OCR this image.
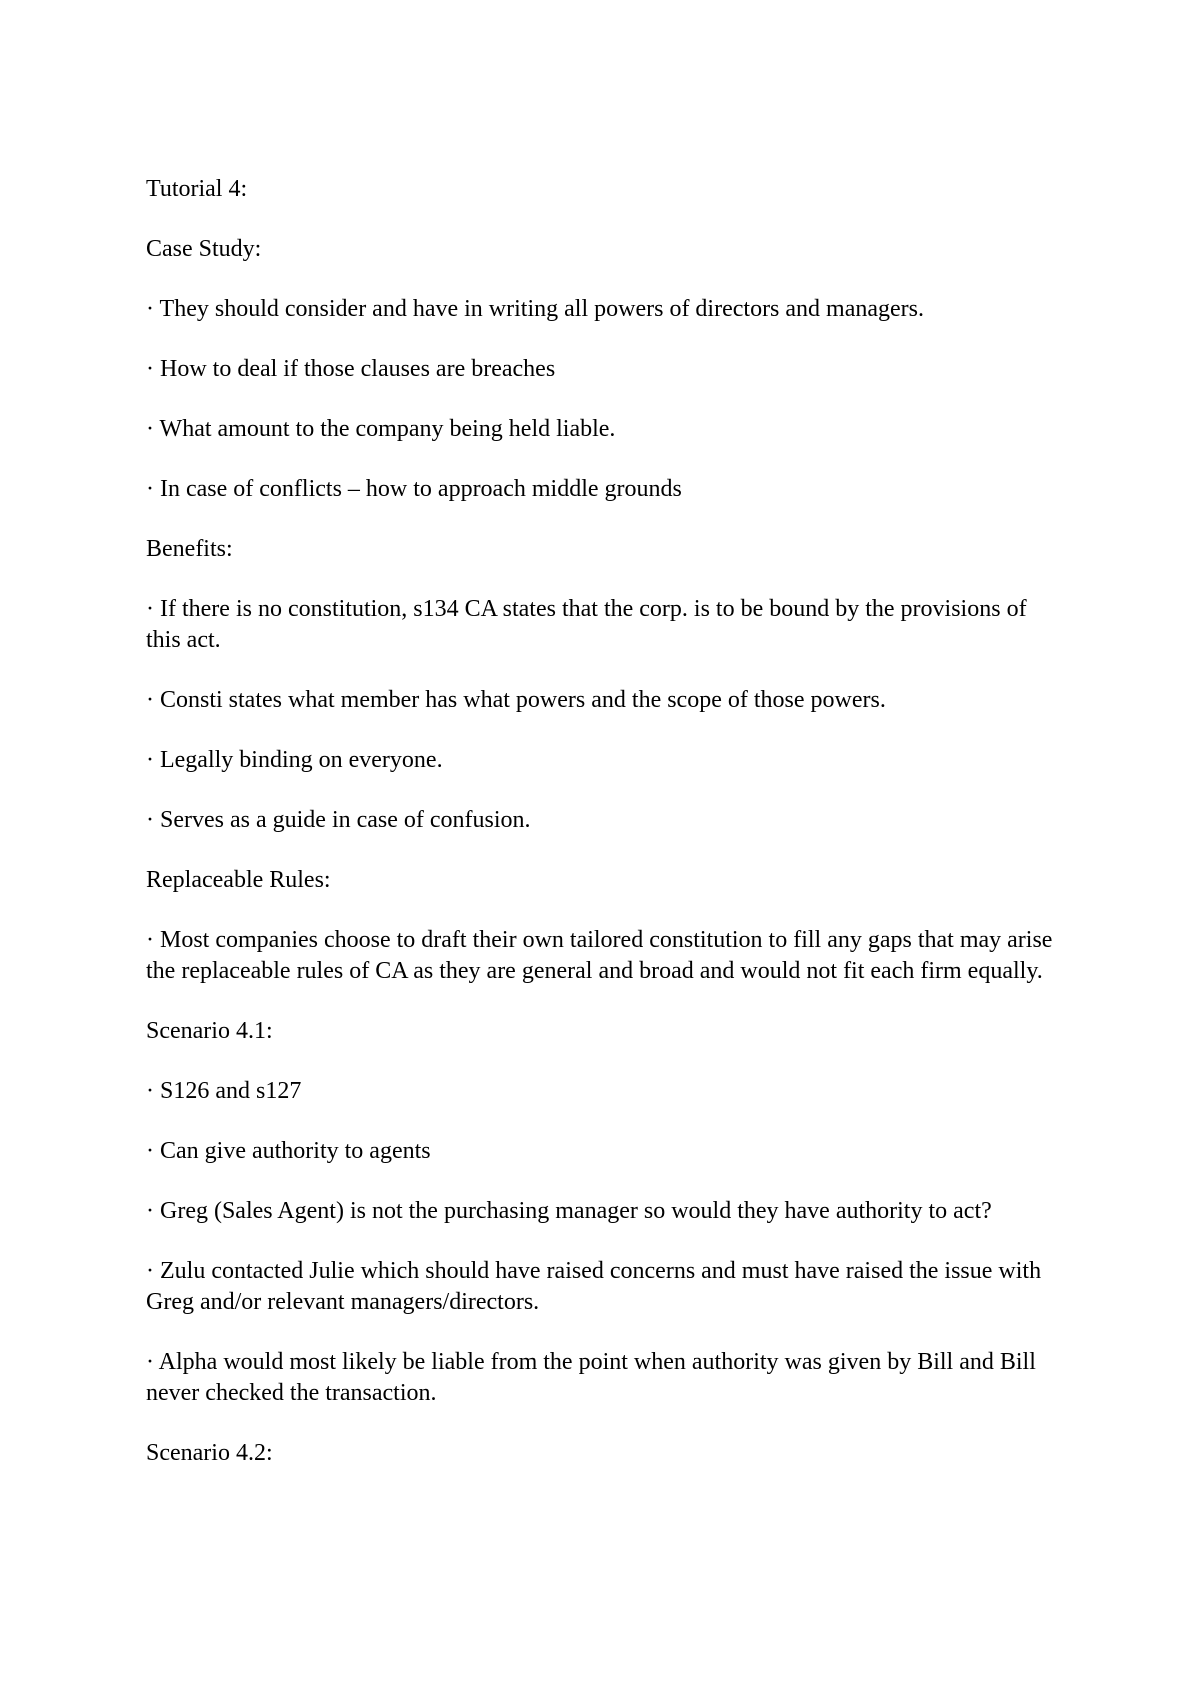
Tutorial 4:

Case Study:

· They should consider and have in writing all powers of directors and managers.

· How to deal if those clauses are breaches

· What amount to the company being held liable.

· In case of conflicts – how to approach middle grounds

Benefits:

· If there is no constitution, s134 CA states that the corp. is to be bound by the provisions of this act.

· Consti states what member has what powers and the scope of those powers.

· Legally binding on everyone.

· Serves as a guide in case of confusion.

Replaceable Rules:

· Most companies choose to draft their own tailored constitution to fill any gaps that may arise the replaceable rules of CA as they are general and broad and would not fit each firm equally.

Scenario 4.1:

· S126 and s127

· Can give authority to agents

· Greg (Sales Agent) is not the purchasing manager so would they have authority to act?

· Zulu contacted Julie which should have raised concerns and must have raised the issue with Greg and/or relevant managers/directors.

· Alpha would most likely be liable from the point when authority was given by Bill and Bill never checked the transaction.

Scenario 4.2:
